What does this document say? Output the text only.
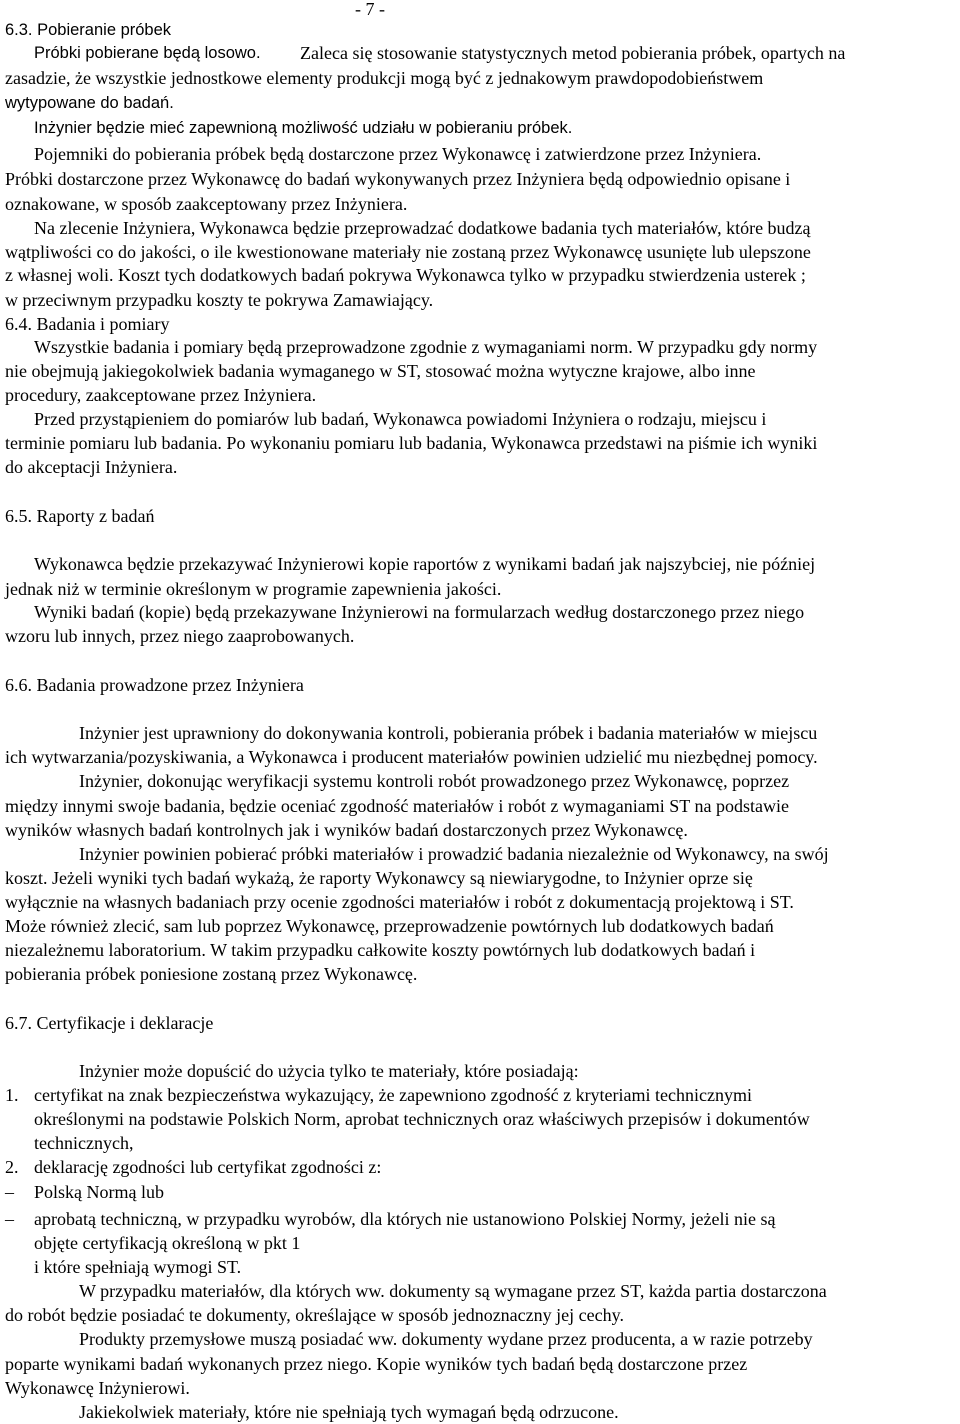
- 7 -
6.3. Pobieranie próbek
Próbki pobierane będą losowo. Zaleca się stosowanie statystycznych metod pobierania próbek, opartych na
zasadzie, że wszystkie jednostkowe elementy produkcji mogą być z jednakowym prawdopodobieństwem
wytypowane do badań.
Inżynier będzie mieć zapewnioną możliwość udziału w pobieraniu próbek.
Pojemniki do pobierania próbek będą dostarczone przez Wykonawcę i zatwierdzone przez Inżyniera.
Próbki dostarczone przez Wykonawcę do badań wykonywanych przez Inżyniera będą odpowiednio opisane i
oznakowane, w sposób zaakceptowany przez Inżyniera.
Na zlecenie Inżyniera, Wykonawca będzie przeprowadzać dodatkowe badania tych materiałów, które budzą
wątpliwości co do jakości, o ile kwestionowane materiały nie zostaną przez Wykonawcę usunięte lub ulepszone
z własnej woli. Koszt tych dodatkowych badań pokrywa Wykonawca tylko w przypadku stwierdzenia usterek ;
w przeciwnym przypadku koszty te pokrywa Zamawiający.
6.4. Badania i pomiary
Wszystkie badania i pomiary będą przeprowadzone zgodnie z wymaganiami norm. W przypadku gdy normy
nie obejmują jakiegokolwiek badania wymaganego w ST, stosować można wytyczne krajowe, albo inne
procedury, zaakceptowane przez Inżyniera.
Przed przystąpieniem do pomiarów lub badań, Wykonawca powiadomi Inżyniera o rodzaju, miejscu i
terminie pomiaru lub badania. Po wykonaniu pomiaru lub badania, Wykonawca przedstawi na piśmie ich wyniki
do akceptacji Inżyniera.
6.5. Raporty z badań
Wykonawca będzie przekazywać Inżynierowi kopie raportów z wynikami badań jak najszybciej, nie później
jednak niż w terminie określonym w programie zapewnienia jakości.
Wyniki badań (kopie) będą przekazywane Inżynierowi na formularzach według dostarczonego przez niego
wzoru lub innych, przez niego zaaprobowanych.
6.6. Badania prowadzone przez Inżyniera
Inżynier jest uprawniony do dokonywania kontroli, pobierania próbek i badania materiałów w miejscu
ich wytwarzania/pozyskiwania, a Wykonawca i producent materiałów powinien udzielić mu niezbędnej pomocy.
Inżynier, dokonując weryfikacji systemu kontroli robót prowadzonego przez Wykonawcę, poprzez
między innymi swoje badania, będzie oceniać zgodność materiałów i robót z wymaganiami ST na podstawie
wyników własnych badań kontrolnych jak i wyników badań dostarczonych przez Wykonawcę.
Inżynier powinien pobierać próbki materiałów i prowadzić badania niezależnie od Wykonawcy, na swój
koszt. Jeżeli wyniki tych badań wykażą, że raporty Wykonawcy są niewiarygodne, to Inżynier oprze się
wyłącznie na własnych badaniach przy ocenie zgodności materiałów i robót z dokumentacją projektową i ST.
Może również zlecić, sam lub poprzez Wykonawcę, przeprowadzenie powtórnych lub dodatkowych badań
niezależnemu laboratorium. W takim przypadku całkowite koszty powtórnych lub dodatkowych badań i
pobierania próbek poniesione zostaną przez Wykonawcę.
6.7. Certyfikacje i deklaracje
Inżynier może dopuścić do użycia tylko te materiały, które posiadają:
1. certyfikat na znak bezpieczeństwa wykazujący, że zapewniono zgodność z kryteriami technicznymi
określonymi na podstawie Polskich Norm, aprobat technicznych oraz właściwych przepisów i dokumentów
technicznych,
2. deklarację zgodności lub certyfikat zgodności z:
– Polską Normą lub
– aprobatą techniczną, w przypadku wyrobów, dla których nie ustanowiono Polskiej Normy, jeżeli nie są
objęte certyfikacją określoną w pkt 1
i które spełniają wymogi ST.
W przypadku materiałów, dla których ww. dokumenty są wymagane przez ST, każda partia dostarczona
do robót będzie posiadać te dokumenty, określające w sposób jednoznaczny jej cechy.
Produkty przemysłowe muszą posiadać ww. dokumenty wydane przez producenta, a w razie potrzeby
poparte wynikami badań wykonanych przez niego. Kopie wyników tych badań będą dostarczone przez
Wykonawcę Inżynierowi.
Jakiekolwiek materiały, które nie spełniają tych wymagań będą odrzucone.
